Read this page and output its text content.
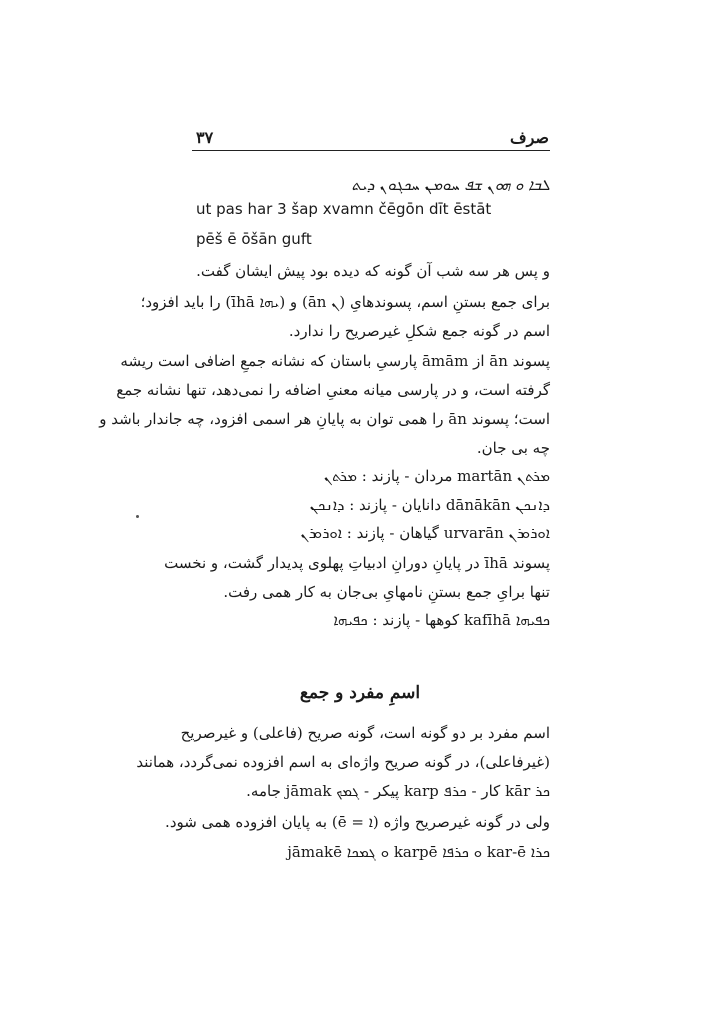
۳۷	صرف
ܠܒܐ ܘ ܗܘܢ ܫܦ ܚܘܡܢ ܚܟܓܘܢ ܕܝܬ
ut pas har 3 šap xvamn čēgōn dīt ēstāt
pēš ē ōšān guft
و پس هر سه شب آن گونه که دیده بود پیش ایشان گفت.
برای جمع بستنِ اسم، پسوندهایِ (ܢ ān) و (ܝܗܐ īhā) را باید افزود؛
اسم در گونه جمع شکلِ غیرصریح را ندارد.
پسوند ān از āmām پارسیِ باستان که نشانه جمعِ اضافی است ریشه
گرفته است، و در پارسی میانه معنیِ اضافه را نمی‌دهد، تنها نشانه جمع
است؛ پسوند ān را همی توان به پایانِ هر اسمی افزود، چه جاندار باشد و
چه بی جان.
ܡܪܬܢ martān مردان - پازند : ܡܪܬܢ
ܕܐܢܟܢ dānākān دانایان - پازند : ܕܐܢܟܢ
ܐܘܪܘܪܢ urvarān گیاهان - پازند : ܐܘܪܘܪܢ
پسوند īhā در پایانِ دورانِ ادبیاتِ پهلوی پدیدار گشت، و نخست
تنها برایِ جمع بستنِ نامهایِ بی‌جان به کار همی رفت.
ܟܦܝܗܐ kafīhā کوهها - پازند : ܟܦܝܗܐ
اسمِ مفرد و جمع
اسم مفرد بر دو گونه است، گونه صریح (فاعلی) و غیرصریح
(غیرفاعلی)، در گونه صریح واژه‌ای به اسم افزوده نمی‌گردد، همانند
ܟܪ kār کار - ܟܪܦ karp پیکر - ܓܡܟ jāmak جامه.
ولی در گونه غیرصریح واژه (ܐ = ē) به پایان افزوده همی شود.
ܟܪܐ kar-ē ܘ ܟܪܦܐ karpē ܘ ܓܡܟܐ jāmakē
